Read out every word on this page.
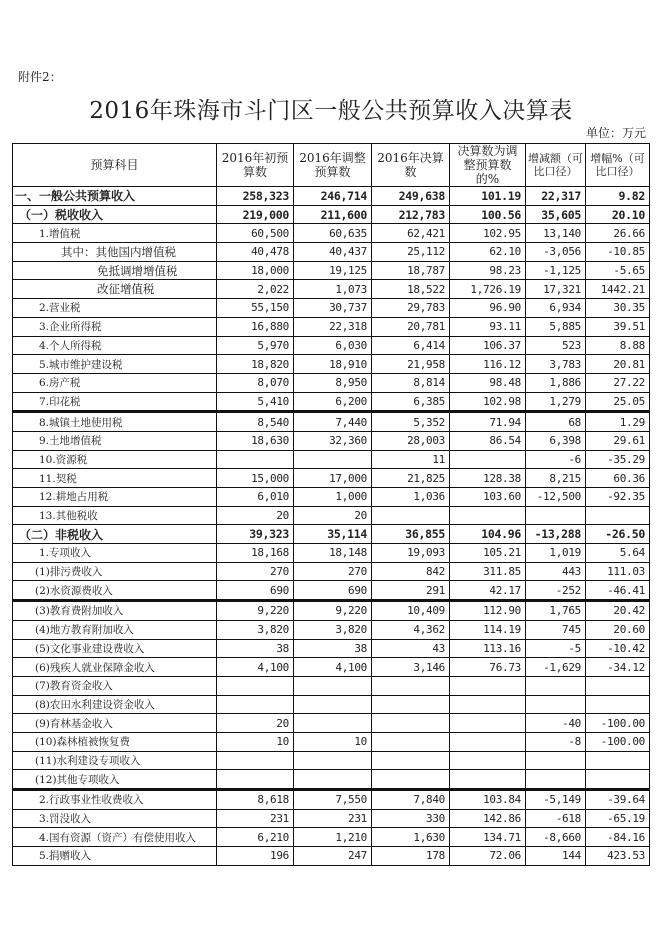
附件2：
2016年珠海市斗门区一般公共预算收入决算表
单位：万元
预算科目	2016年初预算数	2016年调整预算数	2016年决算数	决算数为调整预算数的%	增减额（可比口径）	增幅%（可比口径）
一、一般公共预算收入	258,323	246,714	249,638	101.19	22,317	9.82
（一）税收收入	219,000	211,600	212,783	100.56	35,605	20.10
1.增值税	60,500	60,635	62,421	102.95	13,140	26.66
其中：其他国内增值税	40,478	40,437	25,112	62.10	-3,056	-10.85
免抵调增增值税	18,000	19,125	18,787	98.23	-1,125	-5.65
改征增值税	2,022	1,073	18,522	1,726.19	17,321	1442.21
2.营业税	55,150	30,737	29,783	96.90	6,934	30.35
3.企业所得税	16,880	22,318	20,781	93.11	5,885	39.51
4.个人所得税	5,970	6,030	6,414	106.37	523	8.88
5.城市维护建设税	18,820	18,910	21,958	116.12	3,783	20.81
6.房产税	8,070	8,950	8,814	98.48	1,886	27.22
7.印花税	5,410	6,200	6,385	102.98	1,279	25.05
8.城镇土地使用税	8,540	7,440	5,352	71.94	68	1.29
9.土地增值税	18,630	32,360	28,003	86.54	6,398	29.61
10.资源税			11		-6	-35.29
11.契税	15,000	17,000	21,825	128.38	8,215	60.36
12.耕地占用税	6,010	1,000	1,036	103.60	-12,500	-92.35
13.其他税收	20	20				
（二）非税收入	39,323	35,114	36,855	104.96	-13,288	-26.50
1.专项收入	18,168	18,148	19,093	105.21	1,019	5.64
(1)排污费收入	270	270	842	311.85	443	111.03
(2)水资源费收入	690	690	291	42.17	-252	-46.41
(3)教育费附加收入	9,220	9,220	10,409	112.90	1,765	20.42
(4)地方教育附加收入	3,820	3,820	4,362	114.19	745	20.60
(5)文化事业建设费收入	38	38	43	113.16	-5	-10.42
(6)残疾人就业保障金收入	4,100	4,100	3,146	76.73	-1,629	-34.12
(7)教育资金收入						
(8)农田水利建设资金收入						
(9)育林基金收入	20				-40	-100.00
(10)森林植被恢复费	10	10			-8	-100.00
(11)水利建设专项收入						
(12)其他专项收入						
2.行政事业性收费收入	8,618	7,550	7,840	103.84	-5,149	-39.64
3.罚没收入	231	231	330	142.86	-618	-65.19
4.国有资源（资产）有偿使用收入	6,210	1,210	1,630	134.71	-8,660	-84.16
5.捐赠收入	196	247	178	72.06	144	423.53
